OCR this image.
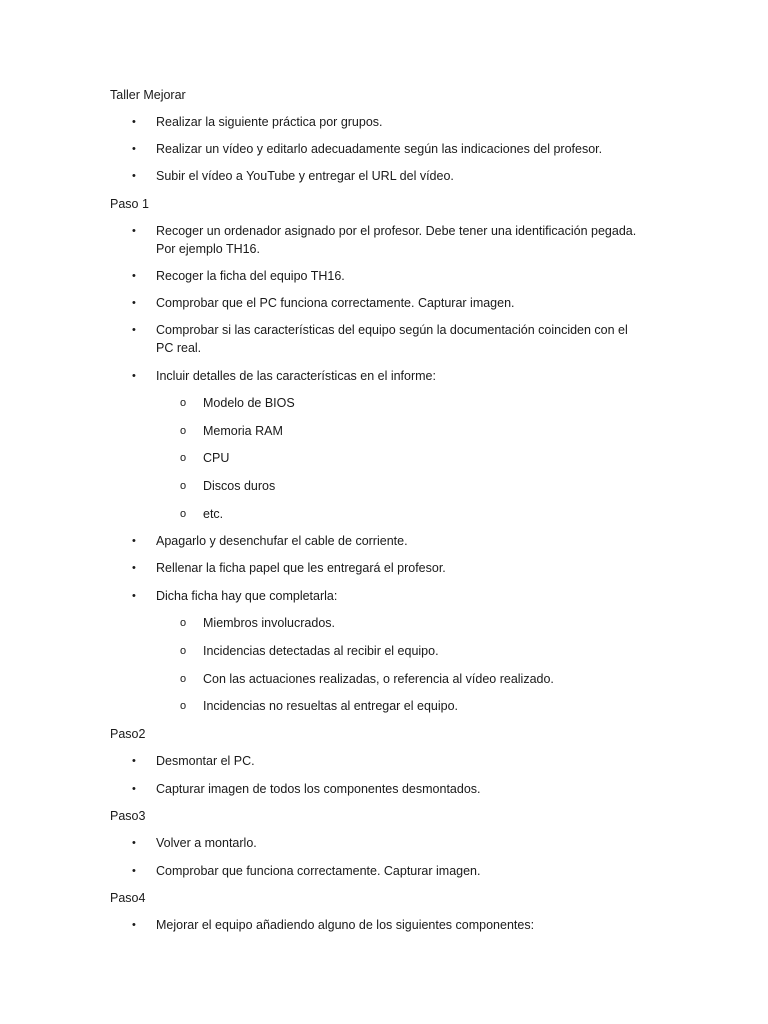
Taller Mejorar
• Realizar la siguiente práctica por grupos.
• Realizar un vídeo y editarlo adecuadamente según las indicaciones del profesor.
• Subir el vídeo a YouTube y entregar el URL del vídeo.
Paso 1
• Recoger un ordenador asignado por el profesor. Debe tener una identificación pegada.
Por ejemplo TH16.
• Recoger la ficha del equipo TH16.
• Comprobar que el PC funciona correctamente. Capturar imagen.
• Comprobar si las características del equipo según la documentación coinciden con el
PC real.
• Incluir detalles de las características en el informe:
o Modelo de BIOS
o Memoria RAM
o CPU
o Discos duros
o etc.
• Apagarlo y desenchufar el cable de corriente.
• Rellenar la ficha papel que les entregará el profesor.
• Dicha ficha hay que completarla:
o Miembros involucrados.
o Incidencias detectadas al recibir el equipo.
o Con las actuaciones realizadas, o referencia al vídeo realizado.
o Incidencias no resueltas al entregar el equipo.
Paso2
• Desmontar el PC.
• Capturar imagen de todos los componentes desmontados.
Paso3
• Volver a montarlo.
• Comprobar que funciona correctamente. Capturar imagen.
Paso4
• Mejorar el equipo añadiendo alguno de los siguientes componentes:
